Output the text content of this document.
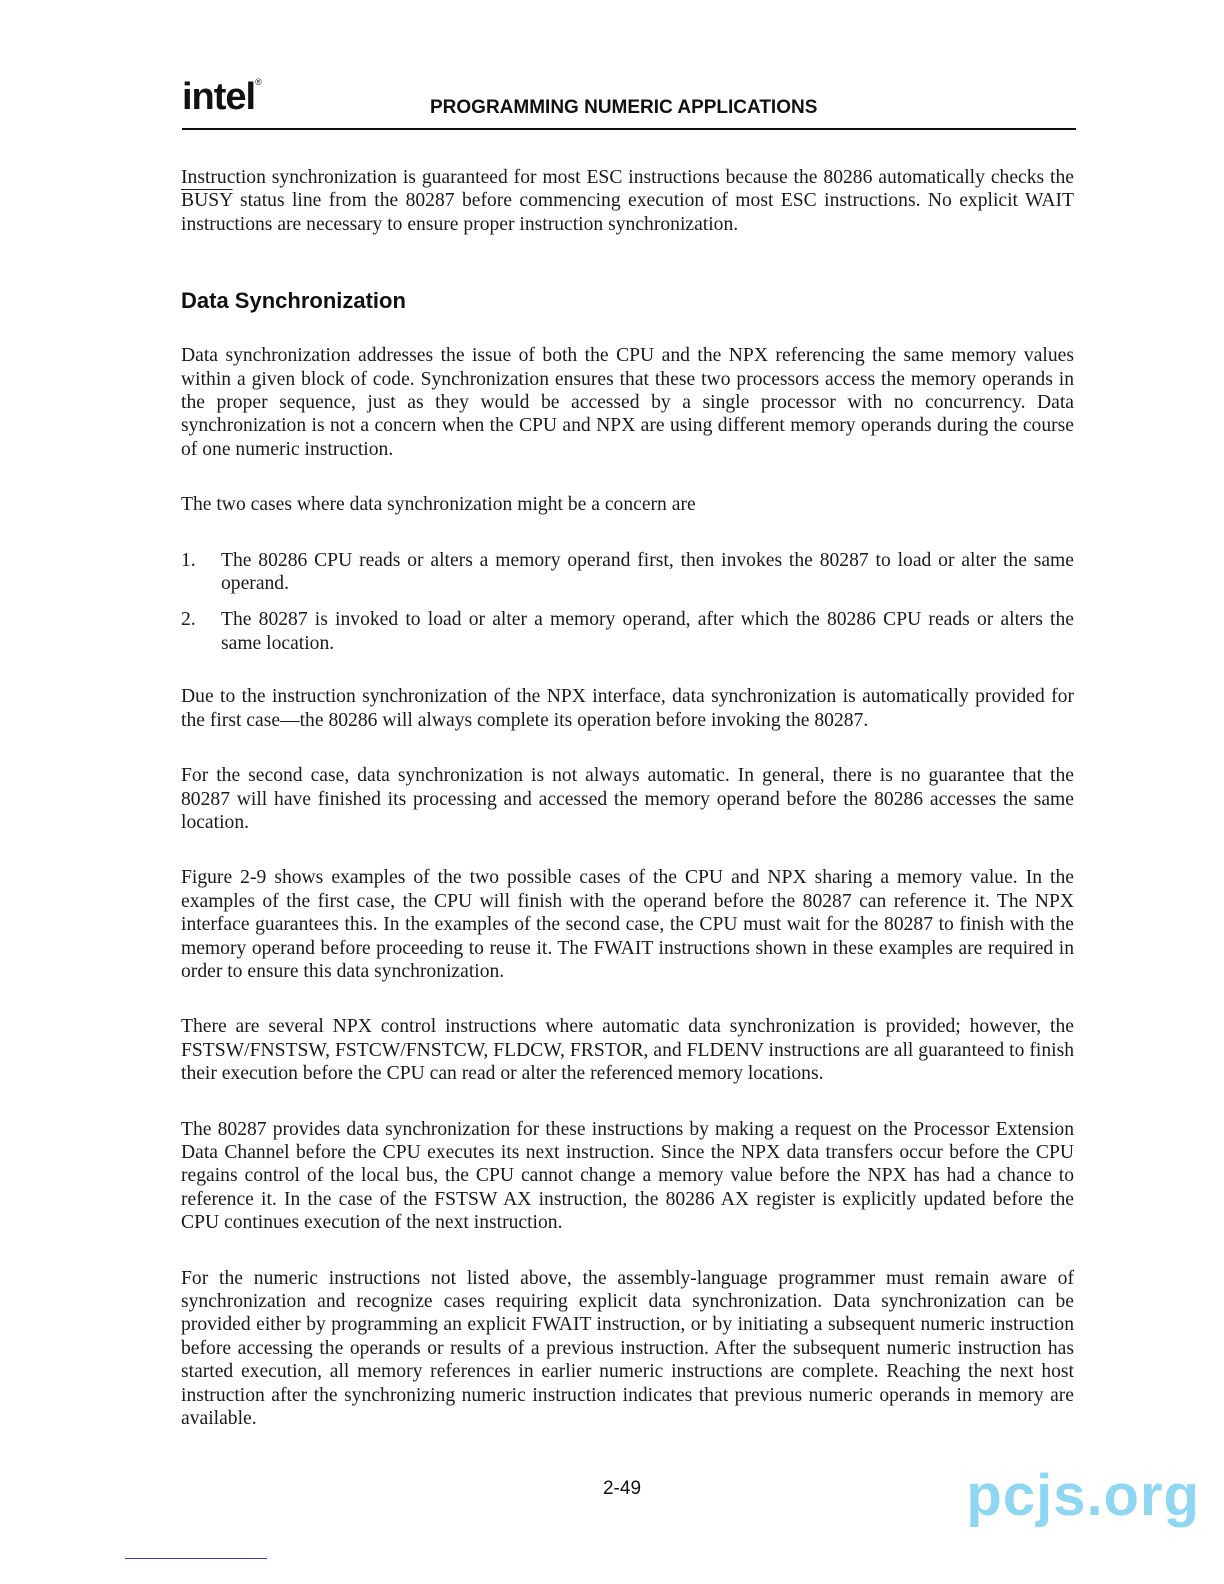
intel®
PROGRAMMING NUMERIC APPLICATIONS

Instruction synchronization is guaranteed for most ESC instructions because the 80286 automatically checks the BUSY status line from the 80287 before commencing execution of most ESC instructions. No explicit WAIT instructions are necessary to ensure proper instruction synchronization.

Data Synchronization

Data synchronization addresses the issue of both the CPU and the NPX referencing the same memory values within a given block of code. Synchronization ensures that these two processors access the memory operands in the proper sequence, just as they would be accessed by a single processor with no concurrency. Data synchronization is not a concern when the CPU and NPX are using different memory operands during the course of one numeric instruction.

The two cases where data synchronization might be a concern are

1.	The 80286 CPU reads or alters a memory operand first, then invokes the 80287 to load or alter the same operand.
2.	The 80287 is invoked to load or alter a memory operand, after which the 80286 CPU reads or alters the same location.

Due to the instruction synchronization of the NPX interface, data synchronization is automatically provided for the first case—the 80286 will always complete its operation before invoking the 80287.

For the second case, data synchronization is not always automatic. In general, there is no guarantee that the 80287 will have finished its processing and accessed the memory operand before the 80286 accesses the same location.

Figure 2-9 shows examples of the two possible cases of the CPU and NPX sharing a memory value. In the examples of the first case, the CPU will finish with the operand before the 80287 can reference it. The NPX interface guarantees this. In the examples of the second case, the CPU must wait for the 80287 to finish with the memory operand before proceeding to reuse it. The FWAIT instructions shown in these examples are required in order to ensure this data synchronization.

There are several NPX control instructions where automatic data synchronization is provided; however, the FSTSW/FNSTSW, FSTCW/FNSTCW, FLDCW, FRSTOR, and FLDENV instructions are all guaranteed to finish their execution before the CPU can read or alter the referenced memory locations.

The 80287 provides data synchronization for these instructions by making a request on the Processor Extension Data Channel before the CPU executes its next instruction. Since the NPX data transfers occur before the CPU regains control of the local bus, the CPU cannot change a memory value before the NPX has had a chance to reference it. In the case of the FSTSW AX instruction, the 80286 AX register is explicitly updated before the CPU continues execution of the next instruction.

For the numeric instructions not listed above, the assembly-language programmer must remain aware of synchronization and recognize cases requiring explicit data synchronization. Data synchronization can be provided either by programming an explicit FWAIT instruction, or by initiating a subsequent numeric instruction before accessing the operands or results of a previous instruction. After the subsequent numeric instruction has started execution, all memory references in earlier numeric instructions are complete. Reaching the next host instruction after the synchronizing numeric instruction indicates that previous numeric operands in memory are available.

2-49	pcjs.org
